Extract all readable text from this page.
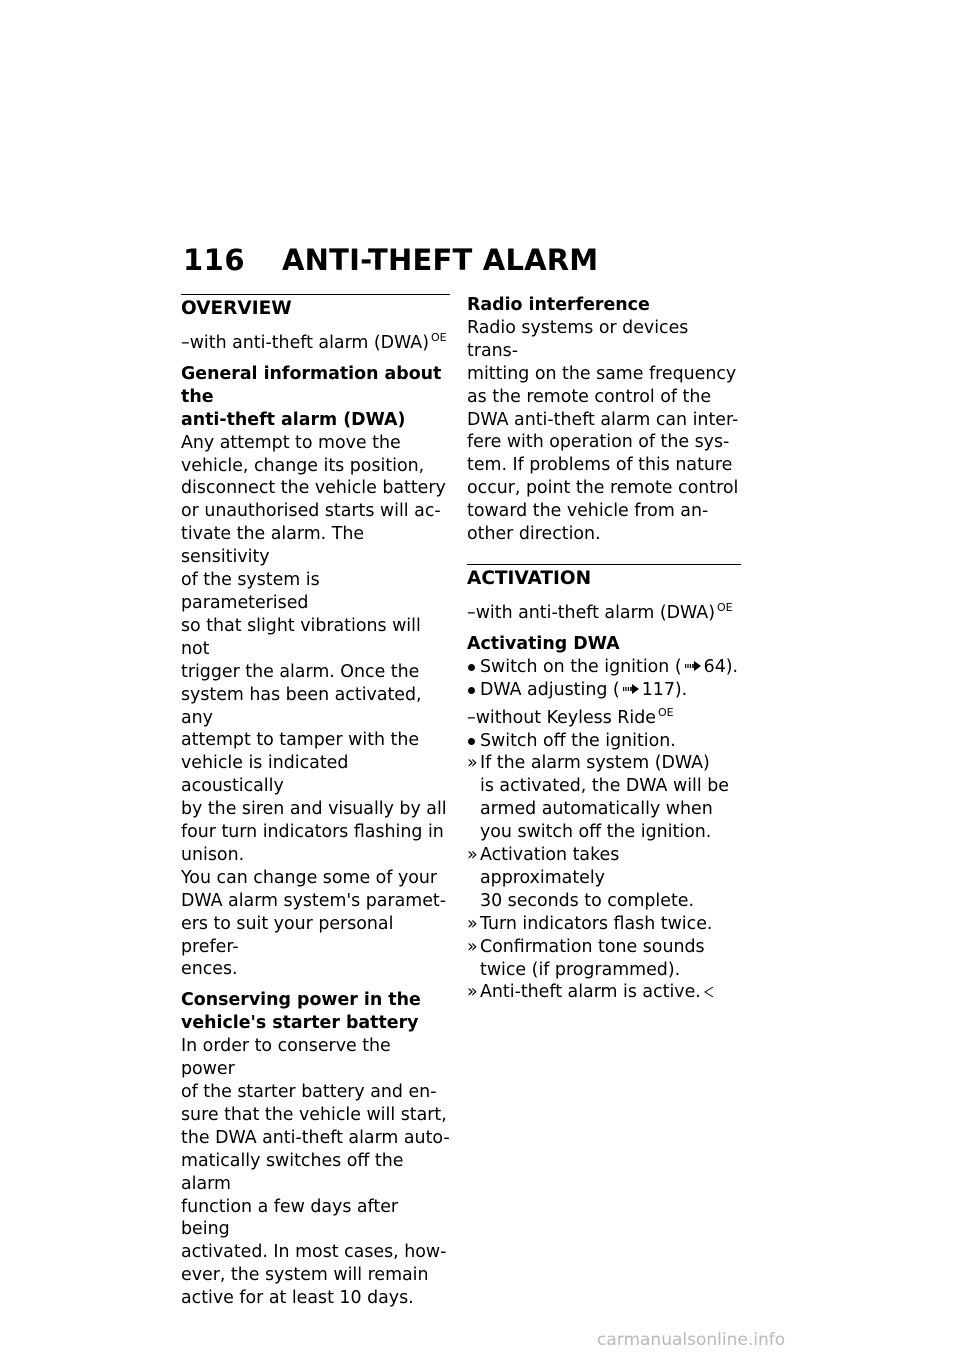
116	ANTI-THEFT ALARM
OVERVIEW
–with anti-theft alarm (DWA) $^{OE}$
General information about the
anti-theft alarm (DWA)
Any attempt to move the
vehicle, change its position,
disconnect the vehicle battery
or unauthorised starts will ac-
tivate the alarm. The sensitivity
of the system is parameterised
so that slight vibrations will not
trigger the alarm. Once the
system has been activated, any
attempt to tamper with the
vehicle is indicated acoustically
by the siren and visually by all
four turn indicators flashing in
unison.
You can change some of your
DWA alarm system's paramet-
ers to suit your personal prefer-
ences.
Conserving power in the
vehicle's starter battery
In order to conserve the power
of the starter battery and en-
sure that the vehicle will start,
the DWA anti-theft alarm auto-
matically switches off the alarm
function a few days after being
activated. In most cases, how-
ever, the system will remain
active for at least 10 days.
Radio interference
Radio systems or devices trans-
mitting on the same frequency
as the remote control of the
DWA anti-theft alarm can inter-
fere with operation of the sys-
tem. If problems of this nature
occur, point the remote control
toward the vehicle from an-
other direction.
ACTIVATION
–with anti-theft alarm (DWA) $^{OE}$
Activating DWA
Switch on the ignition ( 64).
DWA adjusting ( 117).
–without Keyless Ride $^{OE}$
Switch off the ignition.
» If the alarm system (DWA)
is activated, the DWA will be
armed automatically when
you switch off the ignition.
» Activation takes approximately
30 seconds to complete.
» Turn indicators flash twice.
» Confirmation tone sounds
twice (if programmed).
» Anti-theft alarm is active.
carmanualsonline.info
